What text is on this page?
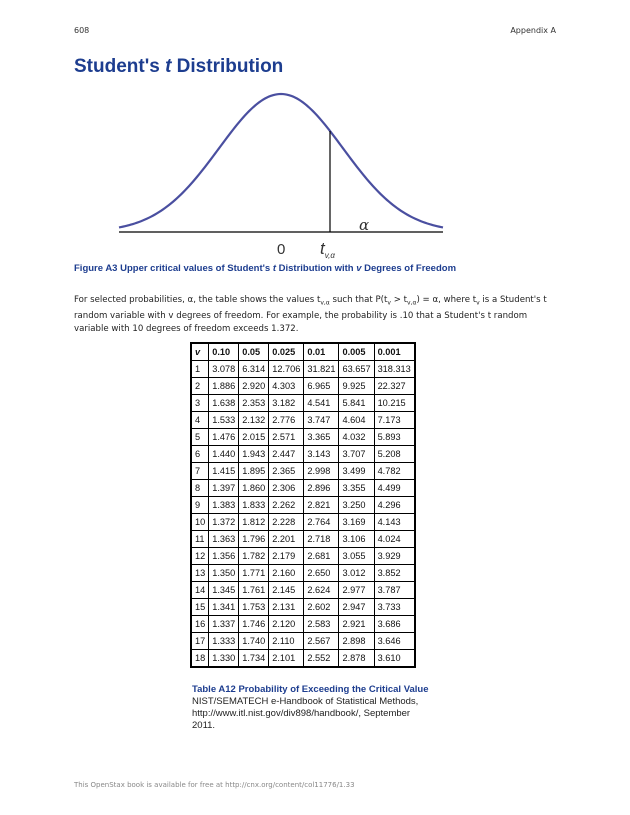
608	Appendix A
Student's t Distribution
0 $t_{v,\alpha}$
α
Figure A3 Upper critical values of Student's t Distribution with v Degrees of Freedom
For selected probabilities, α, the table shows the values $t_{v,\alpha}$ such that $P(t_v > t_{v,\alpha}) = \alpha$, where $t_v$ is a Student's t random variable with v degrees of freedom. For example, the probability is .10 that a Student's t random variable with 10 degrees of freedom exceeds 1.372.
v	0.10	0.05	0.025	0.01	0.005	0.001
1	3.078	6.314	12.706	31.821	63.657	318.313
2	1.886	2.920	4.303	6.965	9.925	22.327
3	1.638	2.353	3.182	4.541	5.841	10.215
4	1.533	2.132	2.776	3.747	4.604	7.173
5	1.476	2.015	2.571	3.365	4.032	5.893
6	1.440	1.943	2.447	3.143	3.707	5.208
7	1.415	1.895	2.365	2.998	3.499	4.782
8	1.397	1.860	2.306	2.896	3.355	4.499
9	1.383	1.833	2.262	2.821	3.250	4.296
10	1.372	1.812	2.228	2.764	3.169	4.143
11	1.363	1.796	2.201	2.718	3.106	4.024
12	1.356	1.782	2.179	2.681	3.055	3.929
13	1.350	1.771	2.160	2.650	3.012	3.852
14	1.345	1.761	2.145	2.624	2.977	3.787
15	1.341	1.753	2.131	2.602	2.947	3.733
16	1.337	1.746	2.120	2.583	2.921	3.686
17	1.333	1.740	2.110	2.567	2.898	3.646
18	1.330	1.734	2.101	2.552	2.878	3.610
Table A12 Probability of Exceeding the Critical Value NIST/SEMATECH e-Handbook of Statistical Methods, http://www.itl.nist.gov/div898/handbook/, September 2011.
This OpenStax book is available for free at http://cnx.org/content/col11776/1.33
